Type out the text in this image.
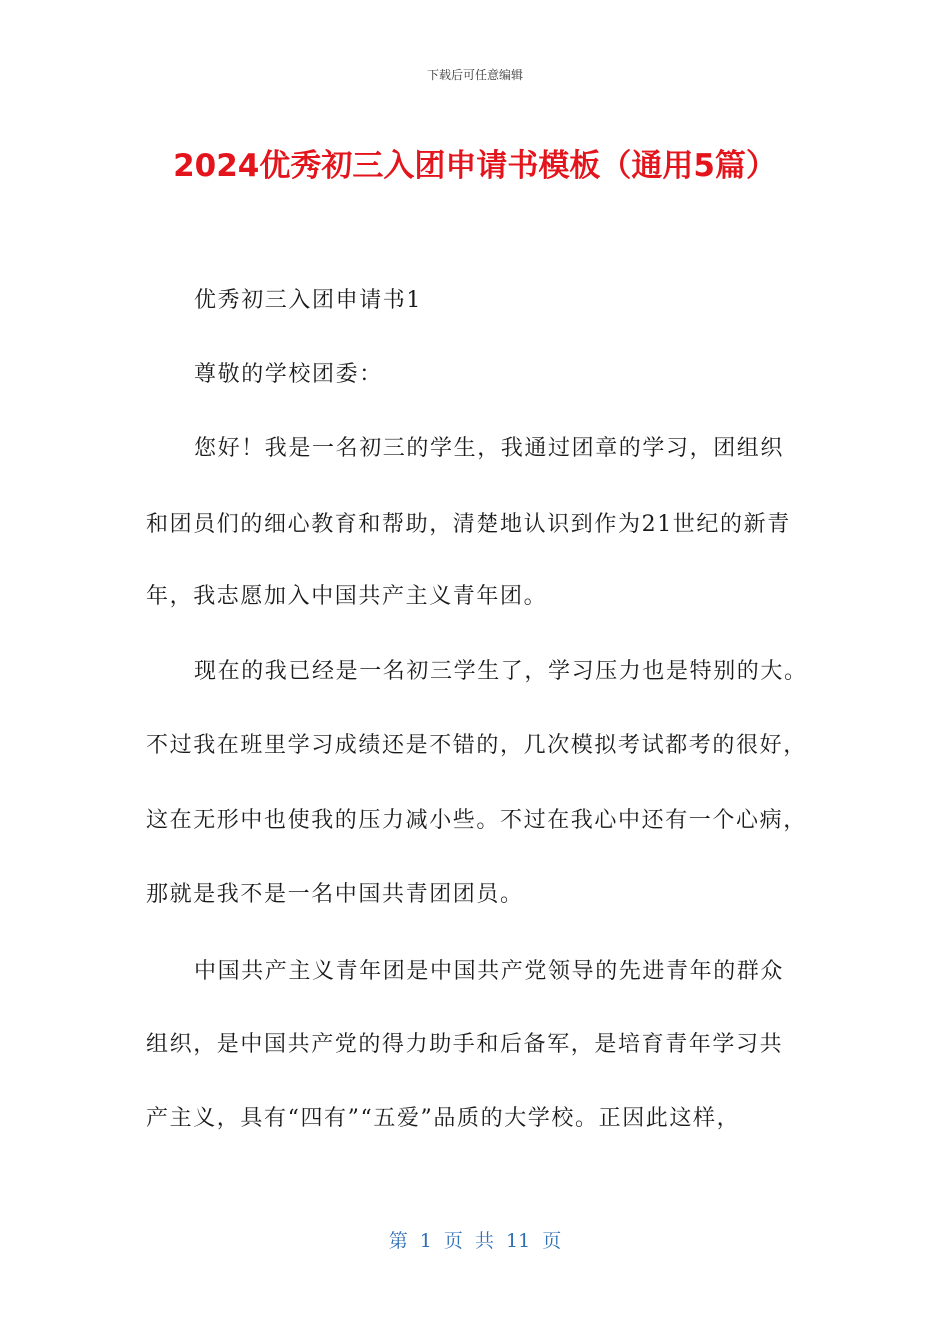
下载后可任意编辑
2024优秀初三入团申请书模板（通用5篇）
优秀初三入团申请书1
尊敬的学校团委：
您好！我是一名初三的学生，我通过团章的学习，团组织
和团员们的细心教育和帮助，清楚地认识到作为21世纪的新青
年，我志愿加入中国共产主义青年团。
现在的我已经是一名初三学生了，学习压力也是特别的大。
不过我在班里学习成绩还是不错的，几次模拟考试都考的很好，
这在无形中也使我的压力减小些。不过在我心中还有一个心病，
那就是我不是一名中国共青团团员。
中国共产主义青年团是中国共产党领导的先进青年的群众
组织，是中国共产党的得力助手和后备军，是培育青年学习共
产主义，具有“四有”“五爱”品质的大学校。正因此这样，
第 1 页 共 11 页
